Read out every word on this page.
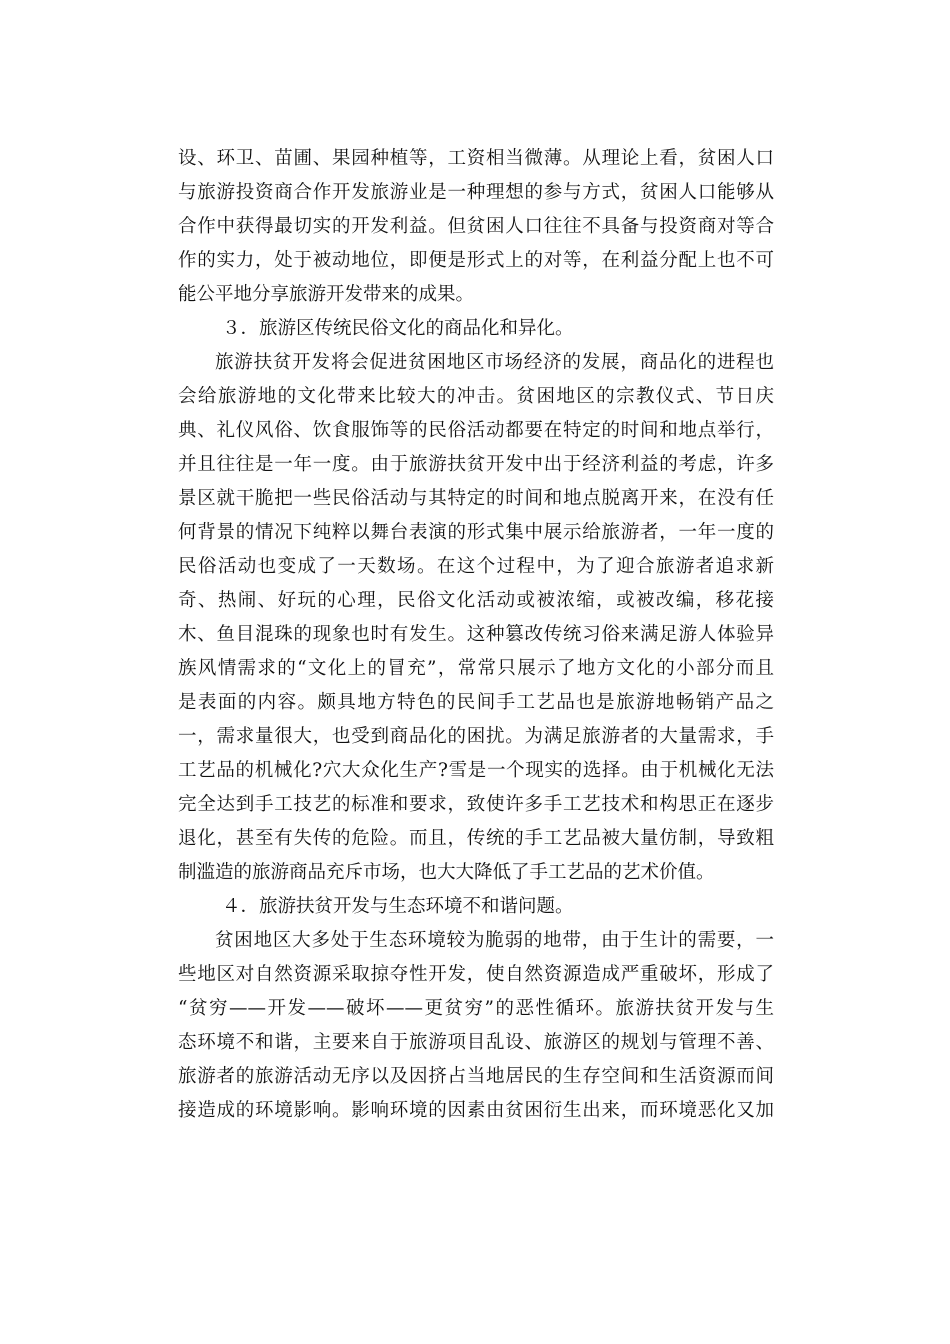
设、环卫、苗圃、果园种植等，工资相当微薄。从理论上看，贫困人口
与旅游投资商合作开发旅游业是一种理想的参与方式，贫困人口能够从
合作中获得最切实的开发利益。但贫困人口往往不具备与投资商对等合
作的实力，处于被动地位，即便是形式上的对等，在利益分配上也不可
能公平地分享旅游开发带来的成果。
３．旅游区传统民俗文化的商品化和异化。
旅游扶贫开发将会促进贫困地区市场经济的发展，商品化的进程也
会给旅游地的文化带来比较大的冲击。贫困地区的宗教仪式、节日庆
典、礼仪风俗、饮食服饰等的民俗活动都要在特定的时间和地点举行，
并且往往是一年一度。由于旅游扶贫开发中出于经济利益的考虑，许多
景区就干脆把一些民俗活动与其特定的时间和地点脱离开来，在没有任
何背景的情况下纯粹以舞台表演的形式集中展示给旅游者，一年一度的
民俗活动也变成了一天数场。在这个过程中，为了迎合旅游者追求新
奇、热闹、好玩的心理，民俗文化活动或被浓缩，或被改编，移花接
木、鱼目混珠的现象也时有发生。这种篡改传统习俗来满足游人体验异
族风情需求的“文化上的冒充”，常常只展示了地方文化的小部分而且
是表面的内容。颇具地方特色的民间手工艺品也是旅游地畅销产品之
一，需求量很大，也受到商品化的困扰。为满足旅游者的大量需求，手
工艺品的机械化?穴大众化生产?雪是一个现实的选择。由于机械化无法
完全达到手工技艺的标准和要求，致使许多手工艺技术和构思正在逐步
退化，甚至有失传的危险。而且，传统的手工艺品被大量仿制，导致粗
制滥造的旅游商品充斥市场，也大大降低了手工艺品的艺术价值。
４．旅游扶贫开发与生态环境不和谐问题。
贫困地区大多处于生态环境较为脆弱的地带，由于生计的需要，一
些地区对自然资源采取掠夺性开发，使自然资源造成严重破坏，形成了
“贫穷——开发——破坏——更贫穷”的恶性循环。旅游扶贫开发与生
态环境不和谐，主要来自于旅游项目乱设、旅游区的规划与管理不善、
旅游者的旅游活动无序以及因挤占当地居民的生存空间和生活资源而间
接造成的环境影响。影响环境的因素由贫困衍生出来，而环境恶化又加
